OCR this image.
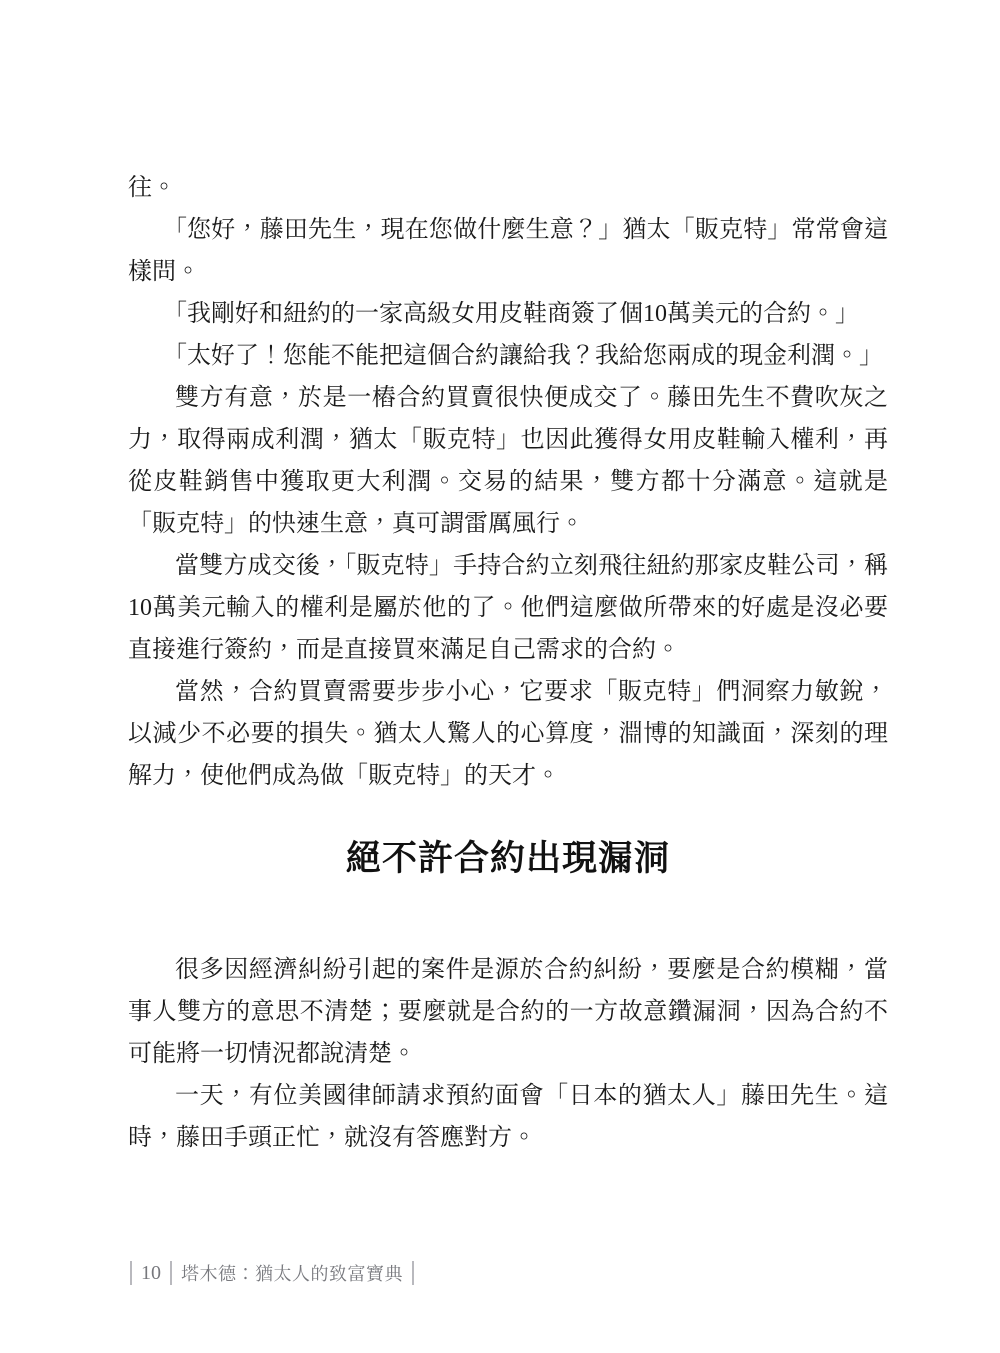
往。

「您好，藤田先生，現在您做什麼生意？」猶太「販克特」常常會這樣問。

「我剛好和紐約的一家高級女用皮鞋商簽了個10萬美元的合約。」

「太好了！您能不能把這個合約讓給我？我給您兩成的現金利潤。」

雙方有意，於是一樁合約買賣很快便成交了。藤田先生不費吹灰之力，取得兩成利潤，猶太「販克特」也因此獲得女用皮鞋輸入權利，再從皮鞋銷售中獲取更大利潤。交易的結果，雙方都十分滿意。這就是「販克特」的快速生意，真可謂雷厲風行。

當雙方成交後，「販克特」手持合約立刻飛往紐約那家皮鞋公司，稱10萬美元輸入的權利是屬於他的了。他們這麼做所帶來的好處是沒必要直接進行簽約，而是直接買來滿足自己需求的合約。

當然，合約買賣需要步步小心，它要求「販克特」們洞察力敏銳，以減少不必要的損失。猶太人驚人的心算度，淵博的知識面，深刻的理解力，使他們成為做「販克特」的天才。

絕不許合約出現漏洞

很多因經濟糾紛引起的案件是源於合約糾紛，要麼是合約模糊，當事人雙方的意思不清楚；要麼就是合約的一方故意鑽漏洞，因為合約不可能將一切情況都說清楚。

一天，有位美國律師請求預約面會「日本的猶太人」藤田先生。這時，藤田手頭正忙，就沒有答應對方。

10 塔木德：猶太人的致富寶典
